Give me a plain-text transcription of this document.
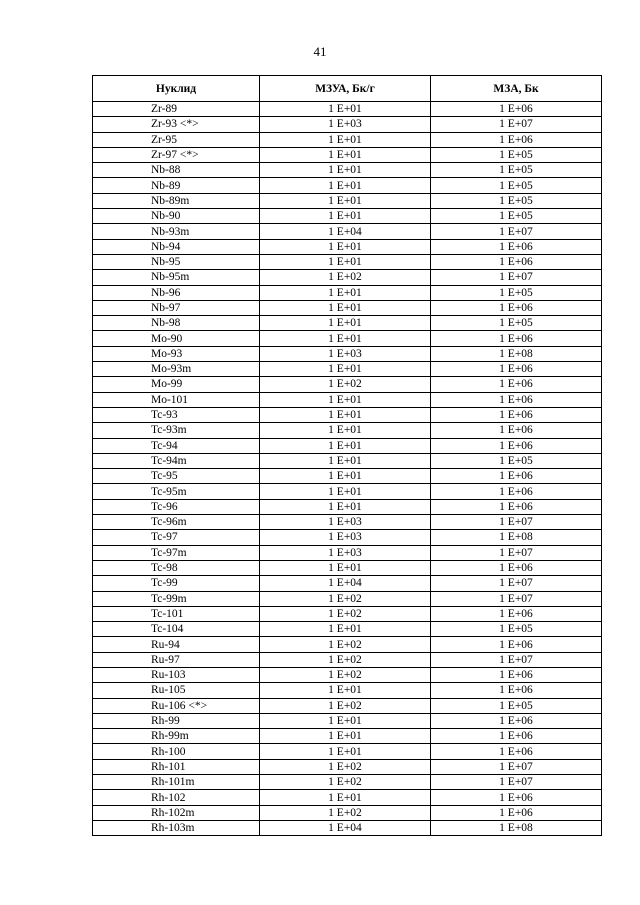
41
Нуклид	МЗУА, Бк/г	МЗА, Бк
Zr-89	1 E+01	1 E+06
Zr-93 <*>	1 E+03	1 E+07
Zr-95	1 E+01	1 E+06
Zr-97 <*>	1 E+01	1 E+05
Nb-88	1 E+01	1 E+05
Nb-89	1 E+01	1 E+05
Nb-89m	1 E+01	1 E+05
Nb-90	1 E+01	1 E+05
Nb-93m	1 E+04	1 E+07
Nb-94	1 E+01	1 E+06
Nb-95	1 E+01	1 E+06
Nb-95m	1 E+02	1 E+07
Nb-96	1 E+01	1 E+05
Nb-97	1 E+01	1 E+06
Nb-98	1 E+01	1 E+05
Mo-90	1 E+01	1 E+06
Mo-93	1 E+03	1 E+08
Mo-93m	1 E+01	1 E+06
Mo-99	1 E+02	1 E+06
Mo-101	1 E+01	1 E+06
Tc-93	1 E+01	1 E+06
Tc-93m	1 E+01	1 E+06
Tc-94	1 E+01	1 E+06
Tc-94m	1 E+01	1 E+05
Tc-95	1 E+01	1 E+06
Tc-95m	1 E+01	1 E+06
Tc-96	1 E+01	1 E+06
Tc-96m	1 E+03	1 E+07
Tc-97	1 E+03	1 E+08
Tc-97m	1 E+03	1 E+07
Tc-98	1 E+01	1 E+06
Tc-99	1 E+04	1 E+07
Tc-99m	1 E+02	1 E+07
Tc-101	1 E+02	1 E+06
Tc-104	1 E+01	1 E+05
Ru-94	1 E+02	1 E+06
Ru-97	1 E+02	1 E+07
Ru-103	1 E+02	1 E+06
Ru-105	1 E+01	1 E+06
Ru-106 <*>	1 E+02	1 E+05
Rh-99	1 E+01	1 E+06
Rh-99m	1 E+01	1 E+06
Rh-100	1 E+01	1 E+06
Rh-101	1 E+02	1 E+07
Rh-101m	1 E+02	1 E+07
Rh-102	1 E+01	1 E+06
Rh-102m	1 E+02	1 E+06
Rh-103m	1 E+04	1 E+08
